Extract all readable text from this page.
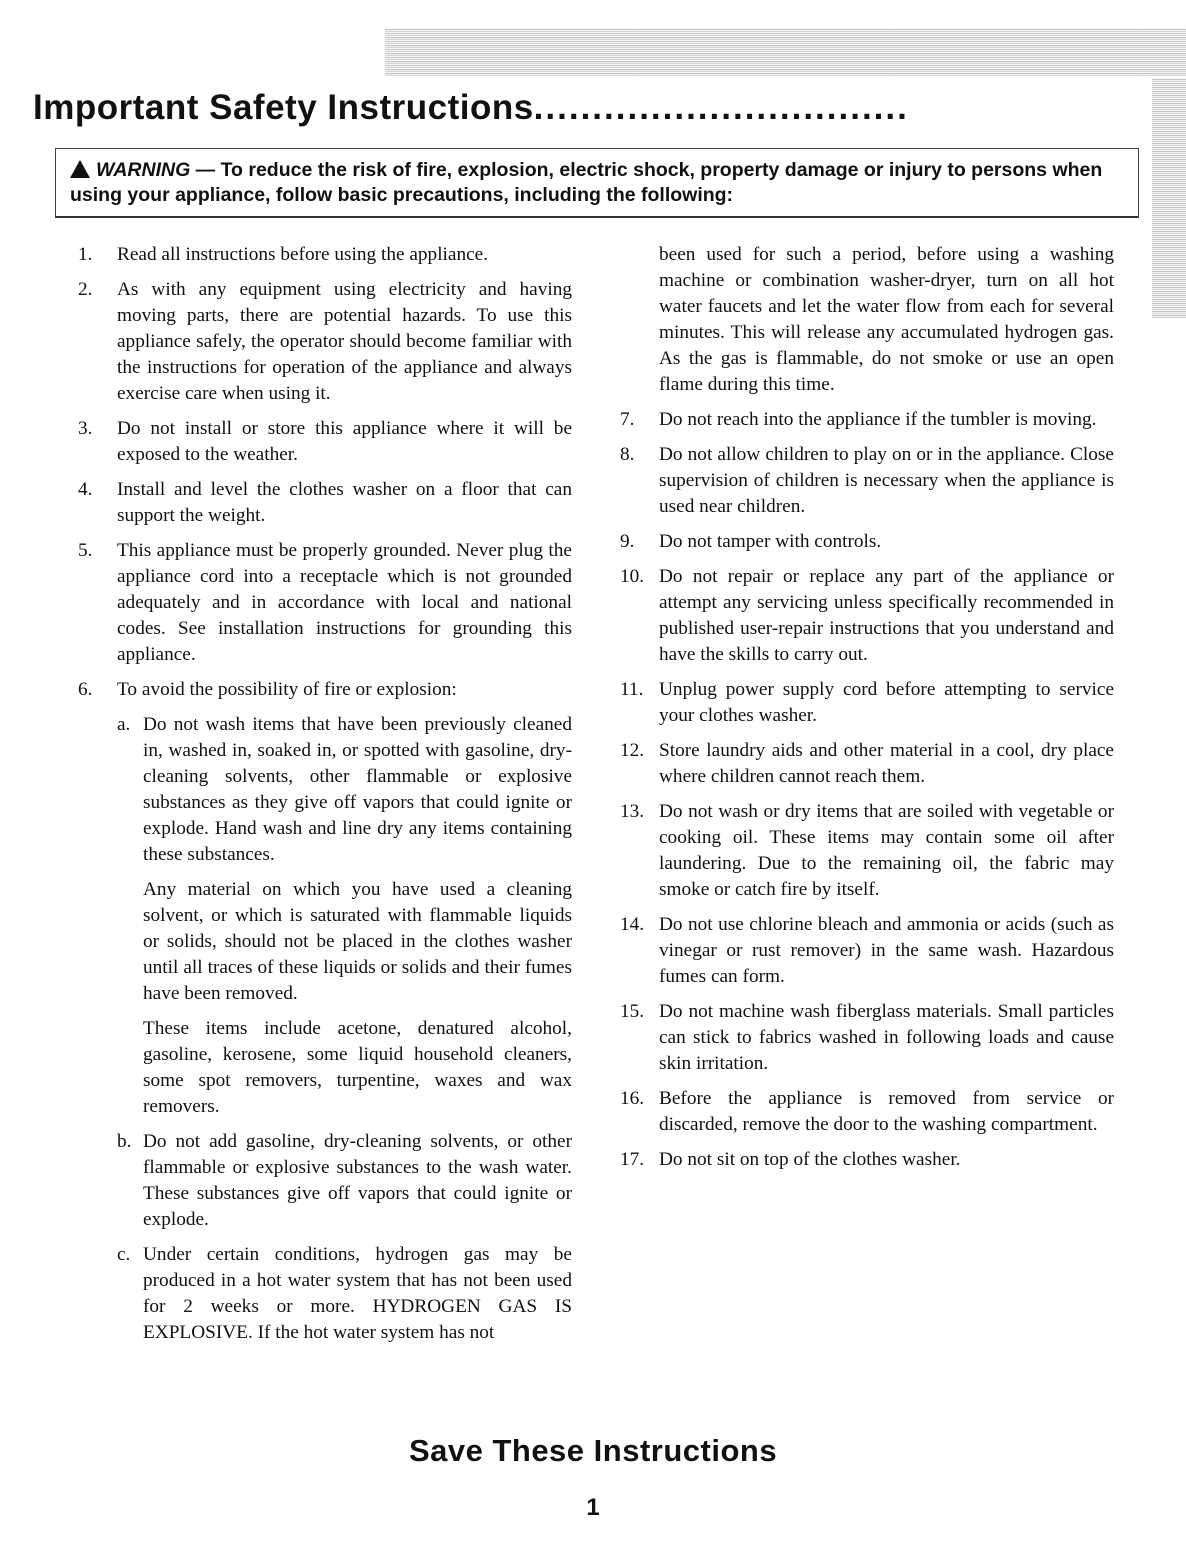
Important Safety Instructions................................
WARNING — To reduce the risk of fire, explosion, electric shock, property damage or injury to persons when using your appliance, follow basic precautions, including the following:
1.	Read all instructions before using the appliance.
2.	As with any equipment using electricity and having moving parts, there are potential hazards. To use this appliance safely, the operator should become familiar with the instructions for operation of the appliance and always exercise care when using it.
3.	Do not install or store this appliance where it will be exposed to the weather.
4.	Install and level the clothes washer on a floor that can support the weight.
5.	This appliance must be properly grounded. Never plug the appliance cord into a receptacle which is not grounded adequately and in accordance with local and national codes. See installation instructions for grounding this appliance.
6.	To avoid the possibility of fire or explosion:
a. Do not wash items that have been previously cleaned in, washed in, soaked in, or spotted with gasoline, dry-cleaning solvents, other flammable or explosive substances as they give off vapors that could ignite or explode. Hand wash and line dry any items containing these substances.
Any material on which you have used a cleaning solvent, or which is saturated with flammable liquids or solids, should not be placed in the clothes washer until all traces of these liquids or solids and their fumes have been removed.
These items include acetone, denatured alcohol, gasoline, kerosene, some liquid household cleaners, some spot removers, turpentine, waxes and wax removers.
b. Do not add gasoline, dry-cleaning solvents, or other flammable or explosive substances to the wash water. These substances give off vapors that could ignite or explode.
c. Under certain conditions, hydrogen gas may be produced in a hot water system that has not been used for 2 weeks or more. HYDROGEN GAS IS EXPLOSIVE. If the hot water system has not
been used for such a period, before using a washing machine or combination washer-dryer, turn on all hot water faucets and let the water flow from each for several minutes. This will release any accumulated hydrogen gas. As the gas is flammable, do not smoke or use an open flame during this time.
7.	Do not reach into the appliance if the tumbler is moving.
8.	Do not allow children to play on or in the appliance. Close supervision of children is necessary when the appliance is used near children.
9.	Do not tamper with controls.
10. Do not repair or replace any part of the appliance or attempt any servicing unless specifically recommended in published user-repair instructions that you understand and have the skills to carry out.
11. Unplug power supply cord before attempting to service your clothes washer.
12. Store laundry aids and other material in a cool, dry place where children cannot reach them.
13. Do not wash or dry items that are soiled with vegetable or cooking oil. These items may contain some oil after laundering. Due to the remaining oil, the fabric may smoke or catch fire by itself.
14. Do not use chlorine bleach and ammonia or acids (such as vinegar or rust remover) in the same wash. Hazardous fumes can form.
15. Do not machine wash fiberglass materials. Small particles can stick to fabrics washed in following loads and cause skin irritation.
16. Before the appliance is removed from service or discarded, remove the door to the washing compartment.
17. Do not sit on top of the clothes washer.
Save These Instructions
1
